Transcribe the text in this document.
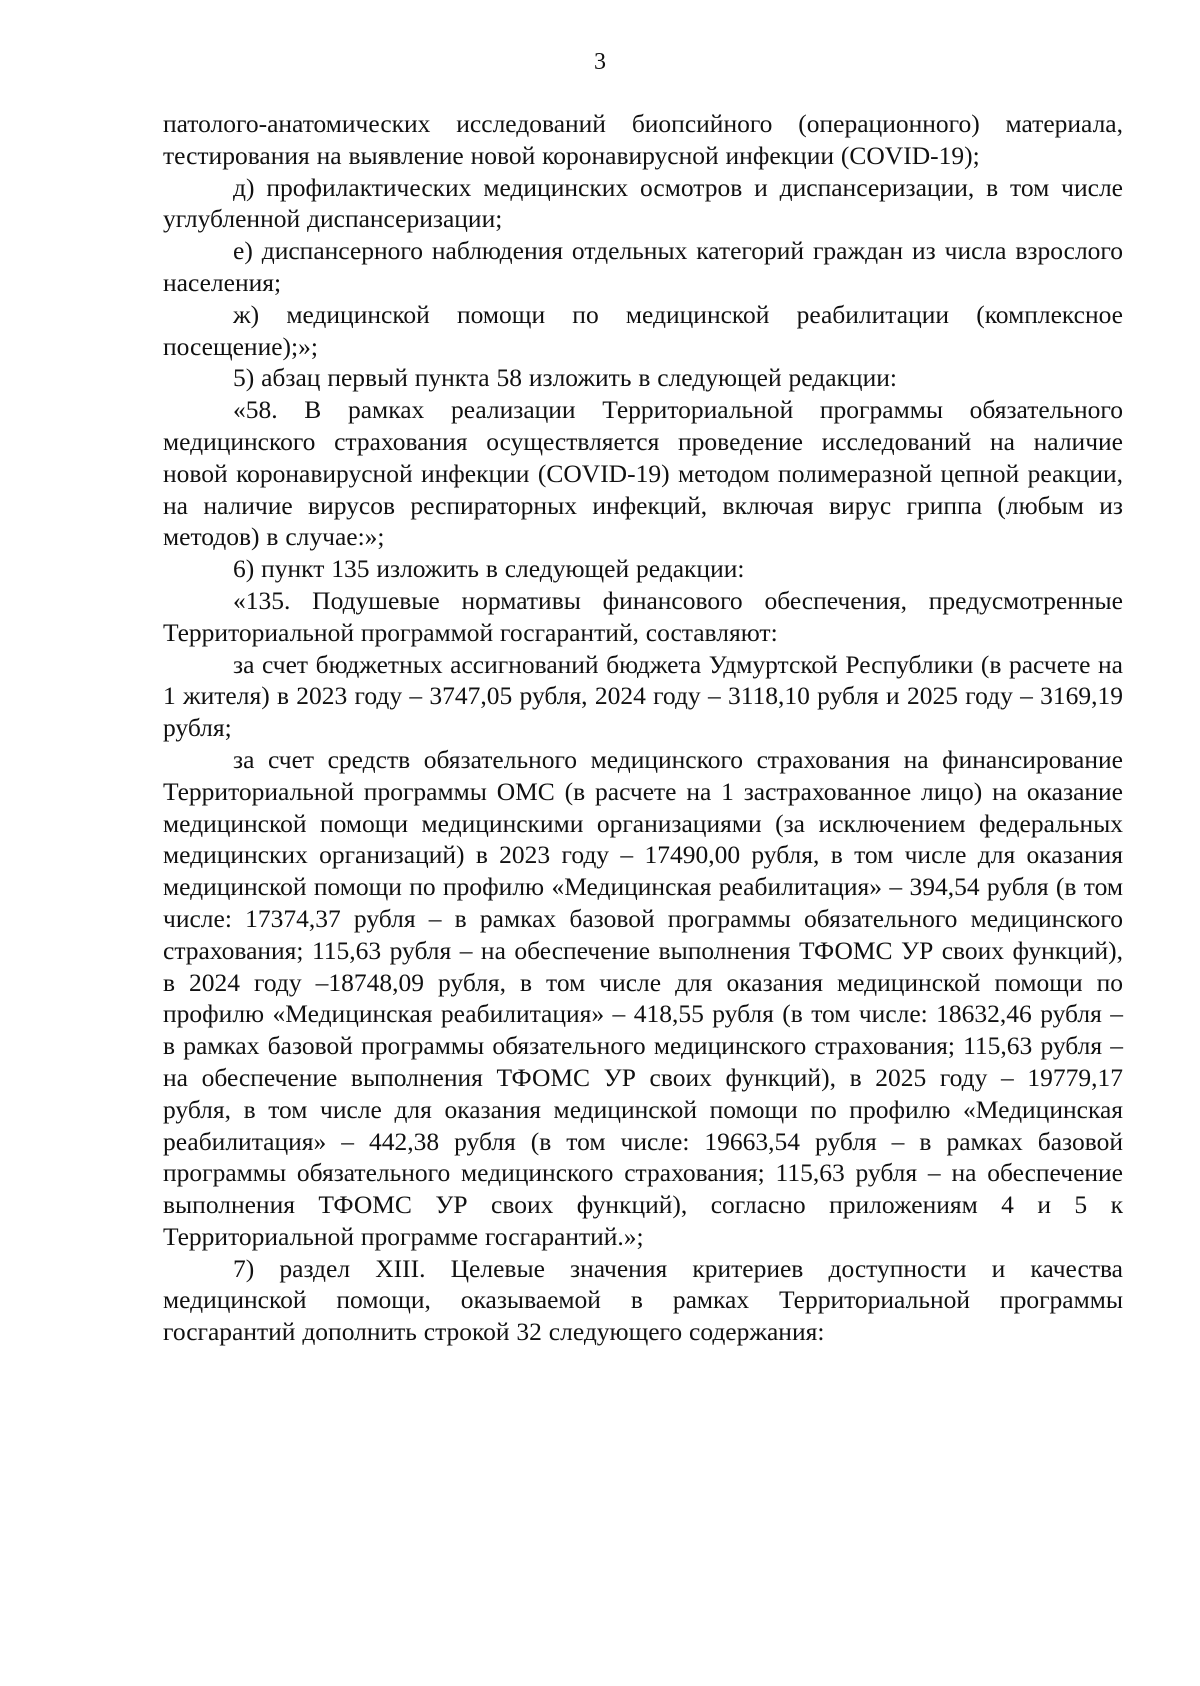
3

патолого-анатомических исследований биопсийного (операционного) материала, тестирования на выявление новой коронавирусной инфекции (COVID-19);

д) профилактических медицинских осмотров и диспансеризации, в том числе углубленной диспансеризации;

е) диспансерного наблюдения отдельных категорий граждан из числа взрослого населения;

ж) медицинской помощи по медицинской реабилитации (комплексное посещение);»;

5) абзац первый пункта 58 изложить в следующей редакции:

«58. В рамках реализации Территориальной программы обязательного медицинского страхования осуществляется проведение исследований на наличие новой коронавирусной инфекции (COVID-19) методом полимеразной цепной реакции, на наличие вирусов респираторных инфекций, включая вирус гриппа (любым из методов) в случае:»;

6) пункт 135 изложить в следующей редакции:

«135. Подушевые нормативы финансового обеспечения, предусмотренные Территориальной программой госгарантий, составляют:

за счет бюджетных ассигнований бюджета Удмуртской Республики (в расчете на 1 жителя) в 2023 году – 3747,05 рубля, 2024 году – 3118,10 рубля и 2025 году – 3169,19 рубля;

за счет средств обязательного медицинского страхования на финансирование Территориальной программы ОМС (в расчете на 1 застрахованное лицо) на оказание медицинской помощи медицинскими организациями (за исключением федеральных медицинских организаций) в 2023 году – 17490,00 рубля, в том числе для оказания медицинской помощи по профилю «Медицинская реабилитация» – 394,54 рубля (в том числе: 17374,37 рубля – в рамках базовой программы обязательного медицинского страхования; 115,63 рубля – на обеспечение выполнения ТФОМС УР своих функций), в 2024 году –18748,09 рубля, в том числе для оказания медицинской помощи по профилю «Медицинская реабилитация» – 418,55 рубля (в том числе: 18632,46 рубля – в рамках базовой программы обязательного медицинского страхования; 115,63 рубля – на обеспечение выполнения ТФОМС УР своих функций), в 2025 году – 19779,17 рубля, в том числе для оказания медицинской помощи по профилю «Медицинская реабилитация» – 442,38 рубля (в том числе: 19663,54 рубля – в рамках базовой программы обязательного медицинского страхования; 115,63 рубля – на обеспечение выполнения ТФОМС УР своих функций), согласно приложениям 4 и 5 к Территориальной программе госгарантий.»;

7) раздел XIII. Целевые значения критериев доступности и качества медицинской помощи, оказываемой в рамках Территориальной программы госгарантий дополнить строкой 32 следующего содержания:
